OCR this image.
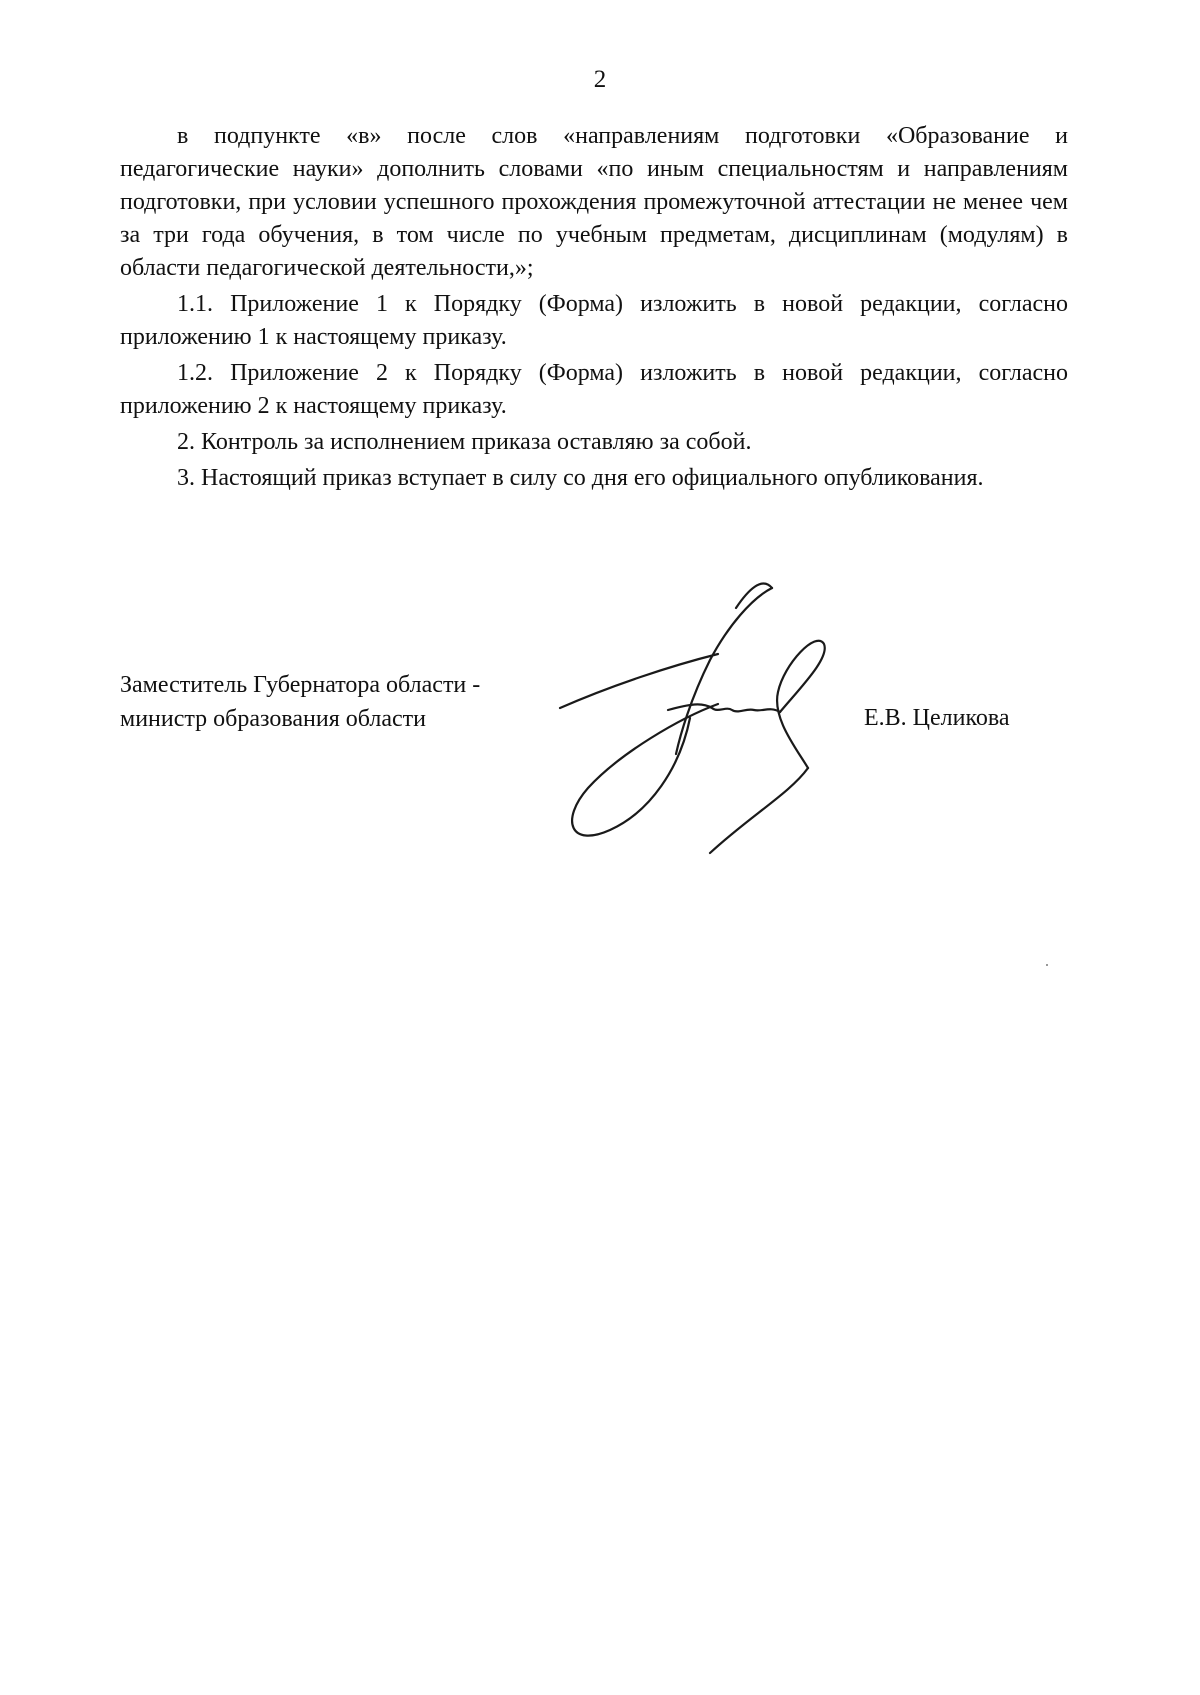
2

в подпункте «в» после слов «направлениям подготовки «Образование и педагогические науки» дополнить словами «по иным специальностям и направлениям подготовки, при условии успешного прохождения промежуточной аттестации не менее чем за три года обучения, в том числе по учебным предметам, дисциплинам (модулям) в области педагогической деятельности,»;

1.1. Приложение 1 к Порядку (Форма) изложить в новой редакции, согласно приложению 1 к настоящему приказу.

1.2. Приложение 2 к Порядку (Форма) изложить в новой редакции, согласно приложению 2 к настоящему приказу.

2. Контроль за исполнением приказа оставляю за собой.

3. Настоящий приказ вступает в силу со дня его официального опубликования.

Заместитель Губернатора области -
министр образования области	Е.В. Целикова
